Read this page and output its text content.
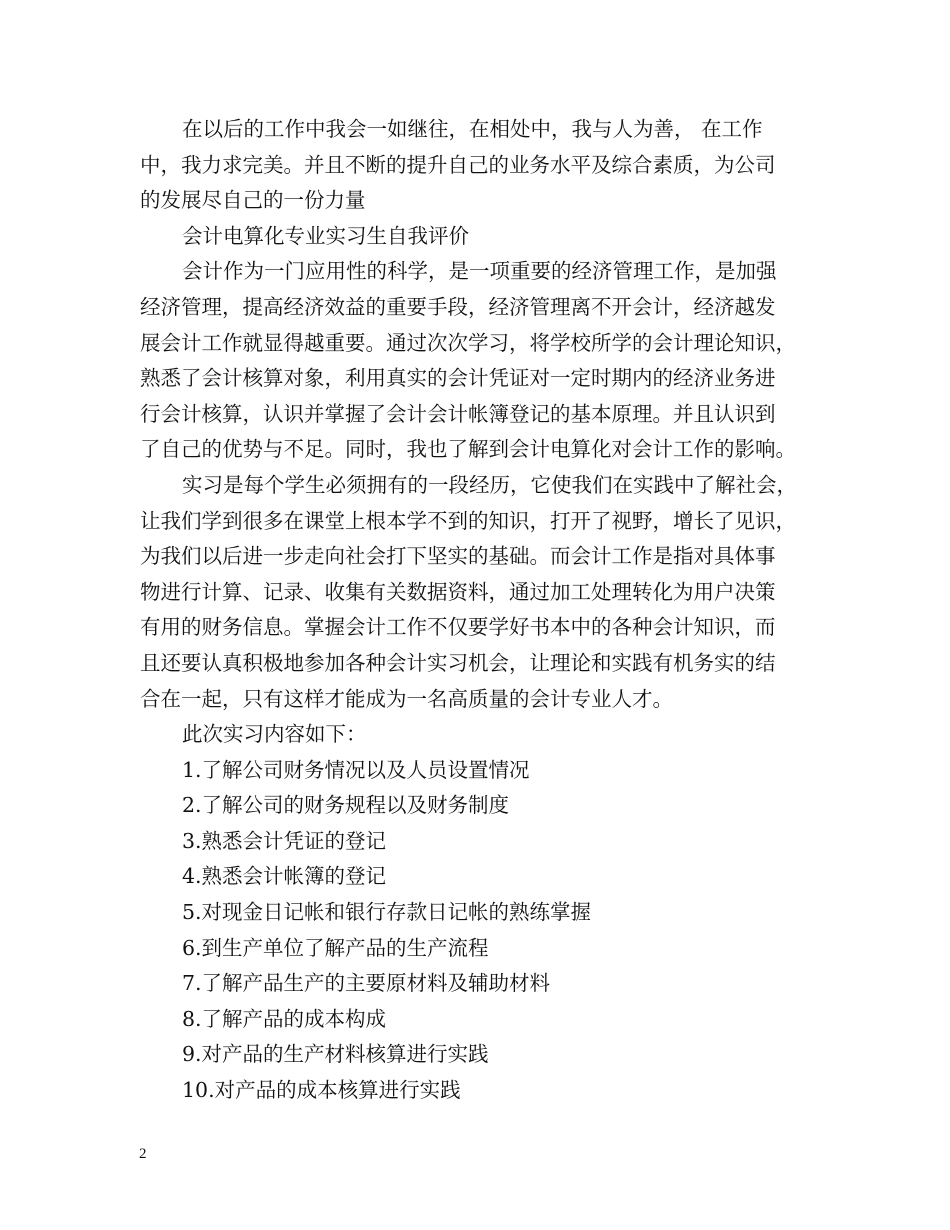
在以后的工作中我会一如继往，在相处中，我与人为善， 在工作
中，我力求完美。并且不断的提升自己的业务水平及综合素质，为公司
的发展尽自己的一份力量
会计电算化专业实习生自我评价
会计作为一门应用性的科学，是一项重要的经济管理工作，是加强
经济管理，提高经济效益的重要手段，经济管理离不开会计，经济越发
展会计工作就显得越重要。通过次次学习，将学校所学的会计理论知识，
熟悉了会计核算对象，利用真实的会计凭证对一定时期内的经济业务进
行会计核算，认识并掌握了会计会计帐簿登记的基本原理。并且认识到
了自己的优势与不足。同时，我也了解到会计电算化对会计工作的影响。
实习是每个学生必须拥有的一段经历，它使我们在实践中了解社会，
让我们学到很多在课堂上根本学不到的知识，打开了视野，增长了见识，
为我们以后进一步走向社会打下坚实的基础。而会计工作是指对具体事
物进行计算、记录、收集有关数据资料，通过加工处理转化为用户决策
有用的财务信息。掌握会计工作不仅要学好书本中的各种会计知识，而
且还要认真积极地参加各种会计实习机会，让理论和实践有机务实的结
合在一起，只有这样才能成为一名高质量的会计专业人才。
此次实习内容如下：
1.了解公司财务情况以及人员设置情况
2.了解公司的财务规程以及财务制度
3.熟悉会计凭证的登记
4.熟悉会计帐簿的登记
5.对现金日记帐和银行存款日记帐的熟练掌握
6.到生产单位了解产品的生产流程
7.了解产品生产的主要原材料及辅助材料
8.了解产品的成本构成
9.对产品的生产材料核算进行实践
10.对产品的成本核算进行实践
2
